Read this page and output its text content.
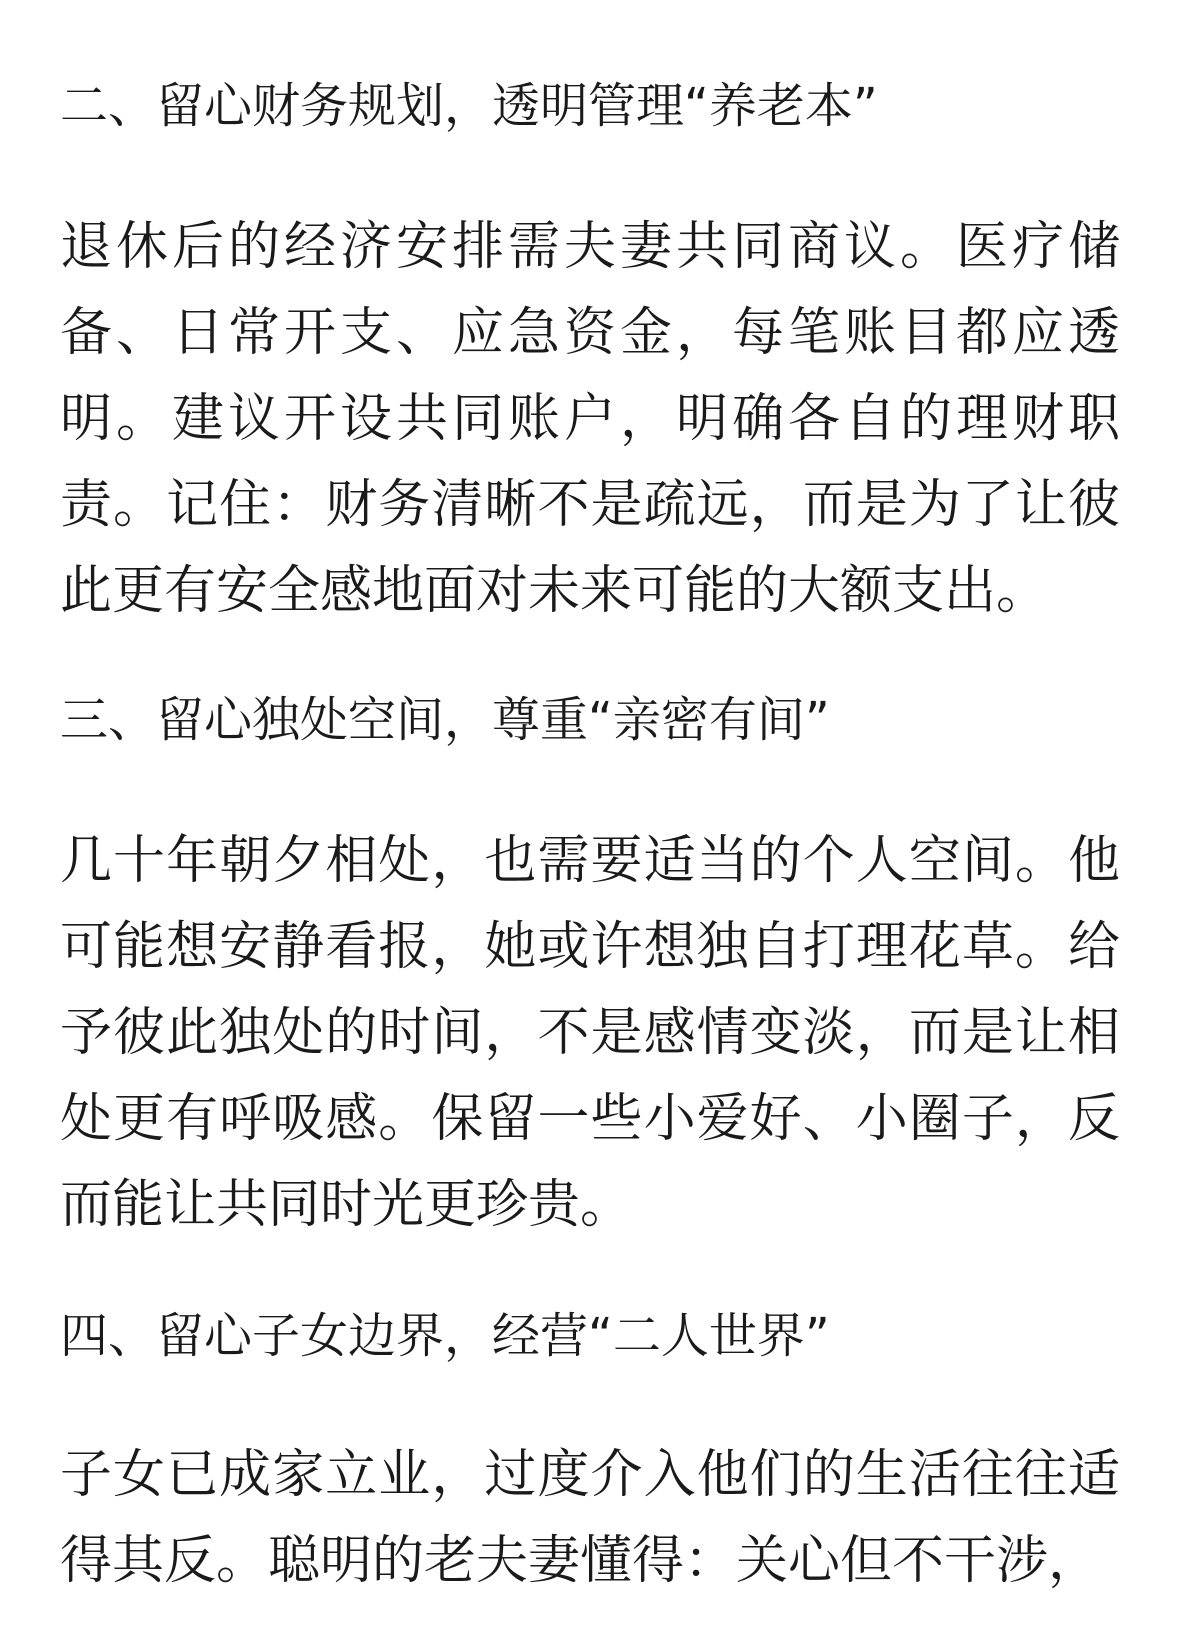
二、留心财务规划，透明管理“养老本”

退休后的经济安排需夫妻共同商议。医疗储备、日常开支、应急资金，每笔账目都应透明。建议开设共同账户，明确各自的理财职责。记住：财务清晰不是疏远，而是为了让彼此更有安全感地面对未来可能的大额支出。

三、留心独处空间，尊重“亲密有间”

几十年朝夕相处，也需要适当的个人空间。他可能想安静看报，她或许想独自打理花草。给予彼此独处的时间，不是感情变淡，而是让相处更有呼吸感。保留一些小爱好、小圈子，反而能让共同时光更珍贵。

四、留心子女边界，经营“二人世界”

子女已成家立业，过度介入他们的生活往往适得其反。聪明的老夫妻懂得：关心但不干涉，
